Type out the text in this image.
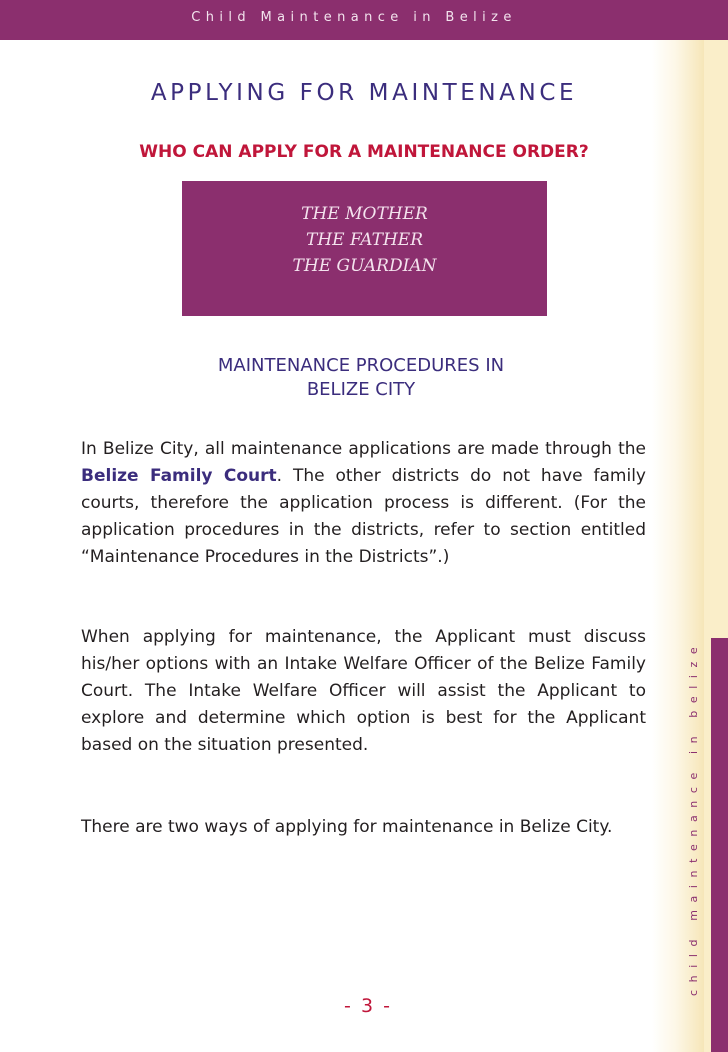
Child Maintenance in Belize
child maintenance in belize
APPLYING FOR MAINTENANCE
WHO CAN APPLY FOR A MAINTENANCE ORDER?
THE MOTHER
THE FATHER
THE GUARDIAN
MAINTENANCE PROCEDURES IN BELIZE CITY

In Belize City, all maintenance applications are made through the Belize Family Court. The other districts do not have family courts, therefore the application process is different. (For the application procedures in the districts, refer to section entitled “Maintenance Procedures in the Districts”.)

When applying for maintenance, the Applicant must discuss his/her options with an Intake Welfare Officer of the Belize Family Court. The Intake Welfare Officer will assist the Applicant to explore and determine which option is best for the Applicant based on the situation presented.

There are two ways of applying for maintenance in Belize City.

- 3 -
